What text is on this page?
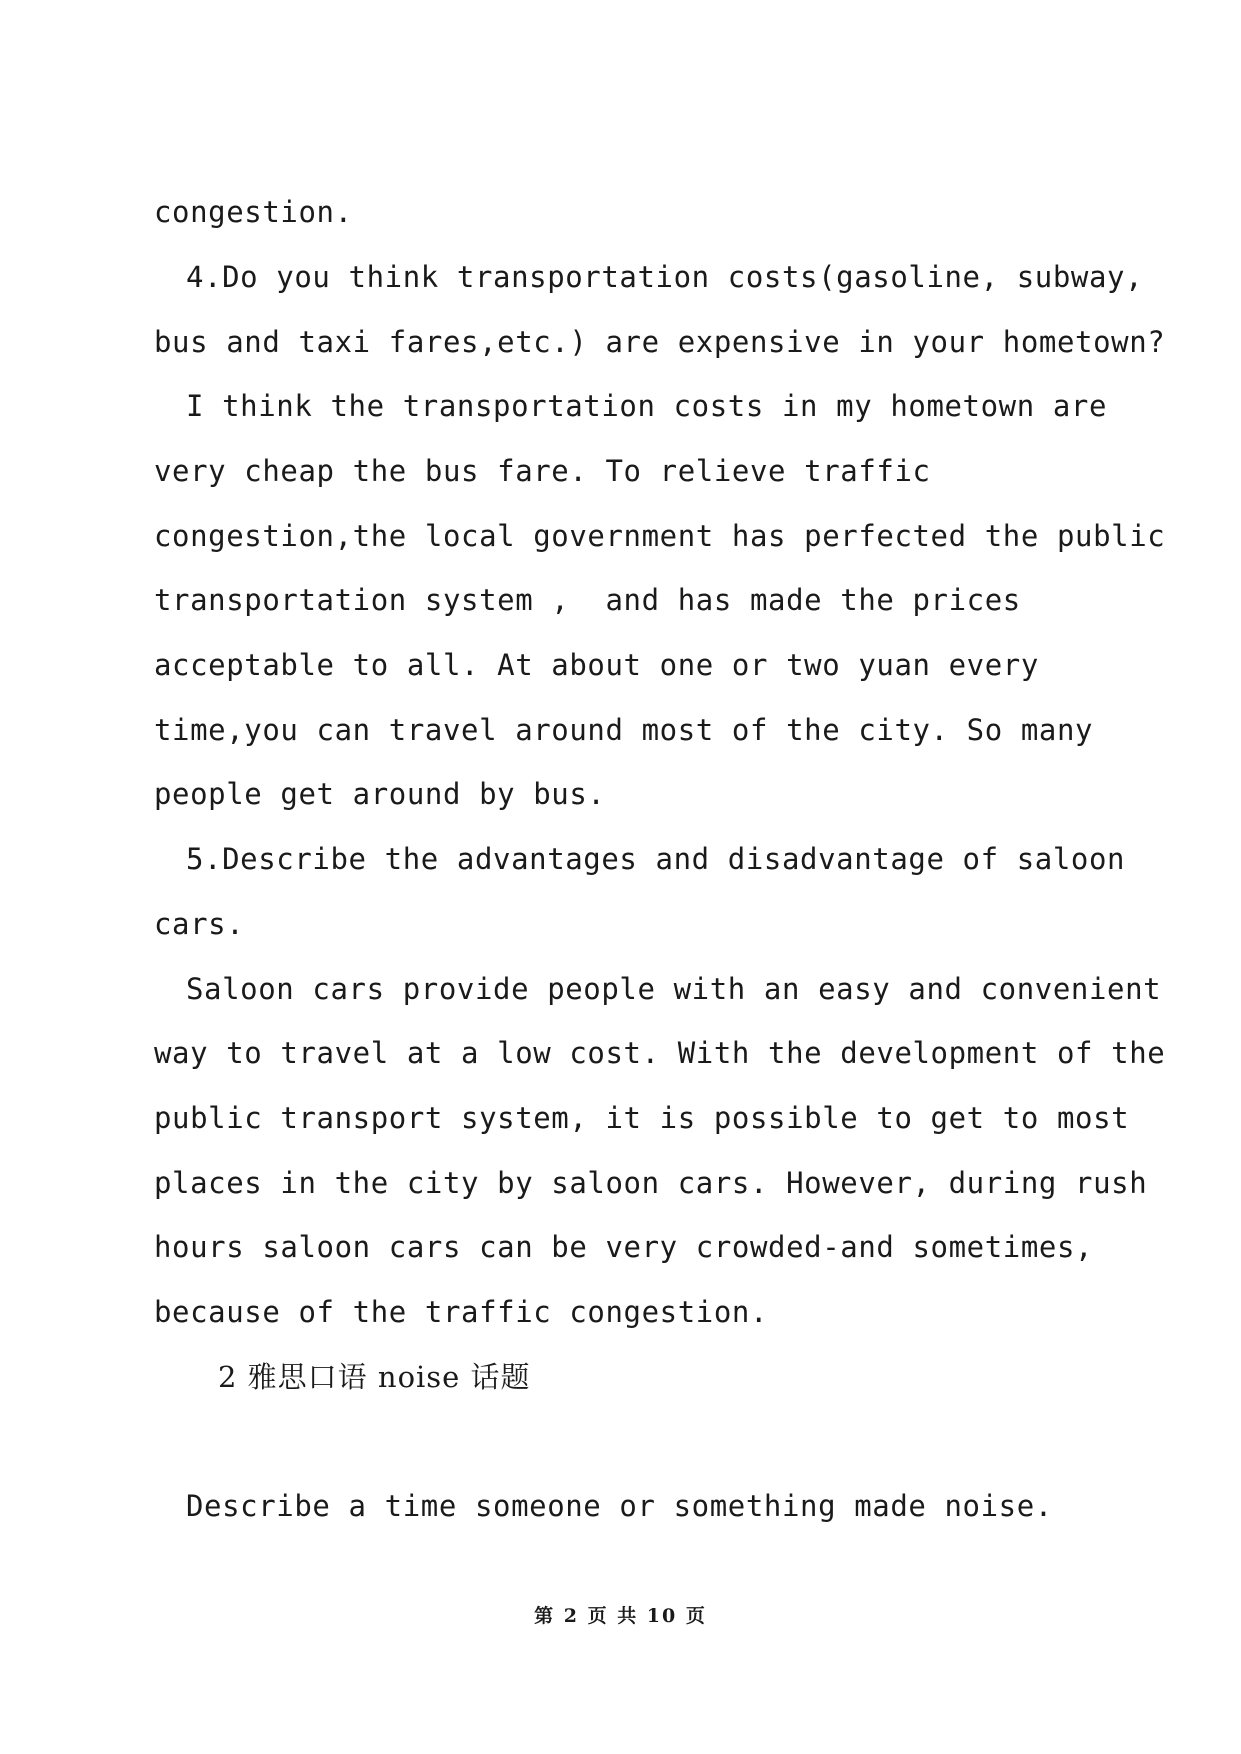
congestion.
4.Do you think transportation costs(gasoline, subway,
bus and taxi fares,etc.) are expensive in your hometown?
I think the transportation costs in my hometown are
very cheap the bus fare. To relieve traffic
congestion,the local government has perfected the public
transportation system ,  and has made the prices
acceptable to all. At about one or two yuan every
time,you can travel around most of the city. So many
people get around by bus.
5.Describe the advantages and disadvantage of saloon
cars.
Saloon cars provide people with an easy and convenient
way to travel at a low cost. With the development of the
public transport system, it is possible to get to most
places in the city by saloon cars. However, during rush
hours saloon cars can be very crowded-and sometimes,
because of the traffic congestion.
2 雅思口语 noise 话题
Describe a time someone or something made noise.
第 2 页 共 10 页
